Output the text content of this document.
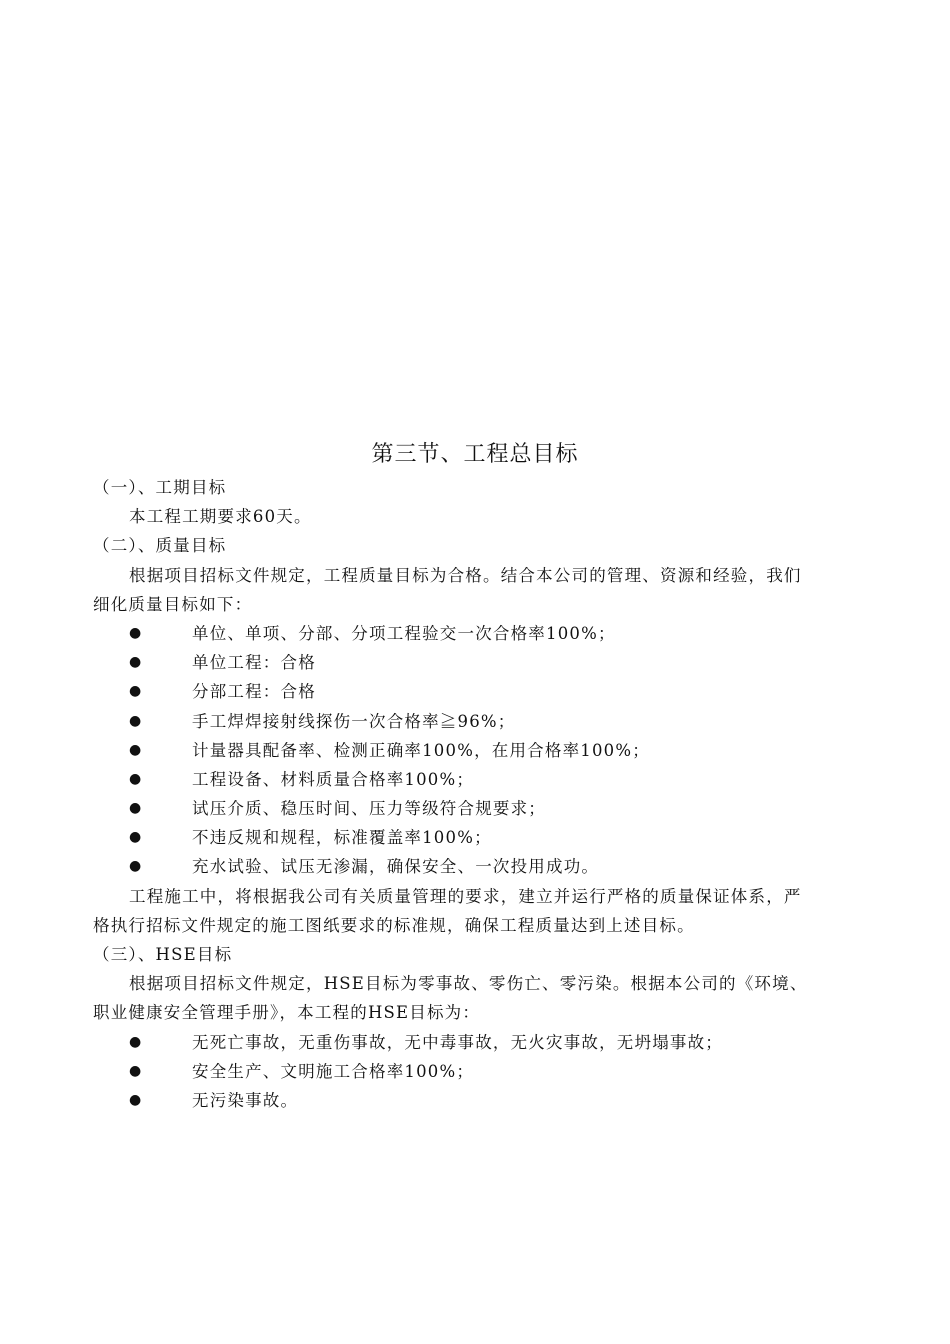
第三节、工程总目标
（一）、工期目标
本工程工期要求60天。
（二）、质量目标
根据项目招标文件规定，工程质量目标为合格。结合本公司的管理、资源和经验，我们
细化质量目标如下：
●	单位、单项、分部、分项工程验交一次合格率100%；
●	单位工程：合格
●	分部工程：合格
●	手工焊焊接射线探伤一次合格率≧96%；
●	计量器具配备率、检测正确率100%，在用合格率100%；
●	工程设备、材料质量合格率100%；
●	试压介质、稳压时间、压力等级符合规要求；
●	不违反规和规程，标准覆盖率100%；
●	充水试验、试压无渗漏，确保安全、一次投用成功。
工程施工中，将根据我公司有关质量管理的要求，建立并运行严格的质量保证体系，严
格执行招标文件规定的施工图纸要求的标准规，确保工程质量达到上述目标。
（三）、HSE目标
根据项目招标文件规定，HSE目标为零事故、零伤亡、零污染。根据本公司的《环境、
职业健康安全管理手册》，本工程的HSE目标为：
●	无死亡事故，无重伤事故，无中毒事故，无火灾事故，无坍塌事故；
●	安全生产、文明施工合格率100%；
●	无污染事故。
